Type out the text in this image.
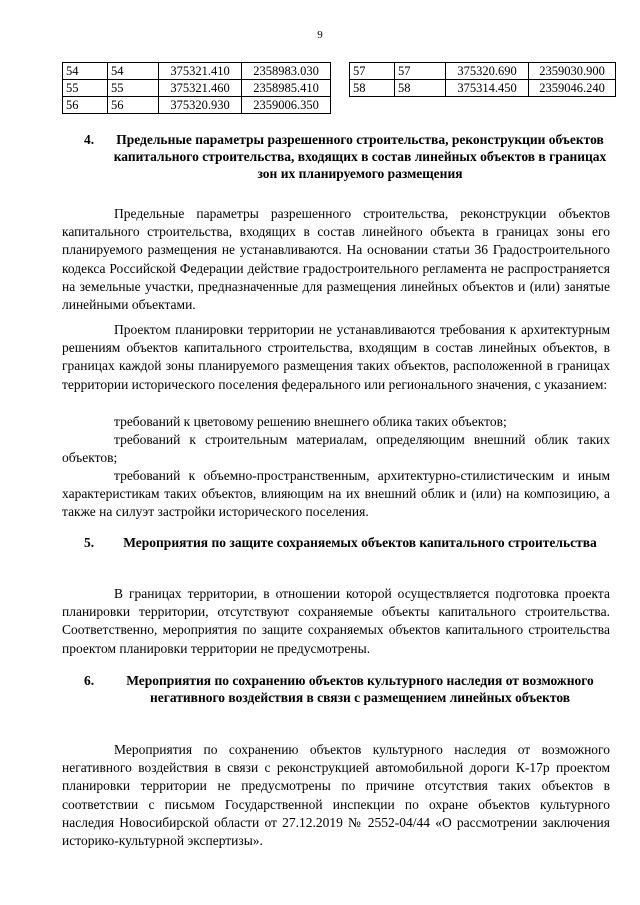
9
54	54	375321.410	2358983.030
55	55	375321.460	2358985.410
56	56	375320.930	2359006.350
57	57	375320.690	2359030.900
58	58	375314.450	2359046.240
4.	Предельные параметры разрешенного строительства, реконструкции объектов капитального строительства, входящих в состав линейных объектов в границах зон их планируемого размещения

Предельные параметры разрешенного строительства, реконструкции объектов капитального строительства, входящих в состав линейного объекта в границах зоны его планируемого размещения не устанавливаются. На основании статьи 36 Градостроительного кодекса Российской Федерации действие градостроительного регламента не распространяется на земельные участки, предназначенные для размещения линейных объектов и (или) занятые линейными объектами.

Проектом планировки территории не устанавливаются требования к архитектурным решениям объектов капитального строительства, входящим в состав линейных объектов, в границах каждой зоны планируемого размещения таких объектов, расположенной в границах территории исторического поселения федерального или регионального значения, с указанием:

требований к цветовому решению внешнего облика таких объектов;

требований к строительным материалам, определяющим внешний облик таких объектов;

требований к объемно-пространственным, архитектурно-стилистическим и иным характеристикам таких объектов, влияющим на их внешний облик и (или) на композицию, а также на силуэт застройки исторического поселения.

5.	Мероприятия по защите сохраняемых объектов капитального строительства

В границах территории, в отношении которой осуществляется подготовка проекта планировки территории, отсутствуют сохраняемые объекты капитального строительства. Соответственно, мероприятия по защите сохраняемых объектов капитального строительства проектом планировки территории не предусмотрены.

6.	Мероприятия по сохранению объектов культурного наследия от возможного негативного воздействия в связи с размещением линейных объектов

Мероприятия по сохранению объектов культурного наследия от возможного негативного воздействия в связи с реконструкцией автомобильной дороги К-17р проектом планировки территории не предусмотрены по причине отсутствия таких объектов в соответствии с письмом Государственной инспекции по охране объектов культурного наследия Новосибирской области от 27.12.2019 № 2552-04/44 «О рассмотрении заключения историко-культурной экспертизы».
